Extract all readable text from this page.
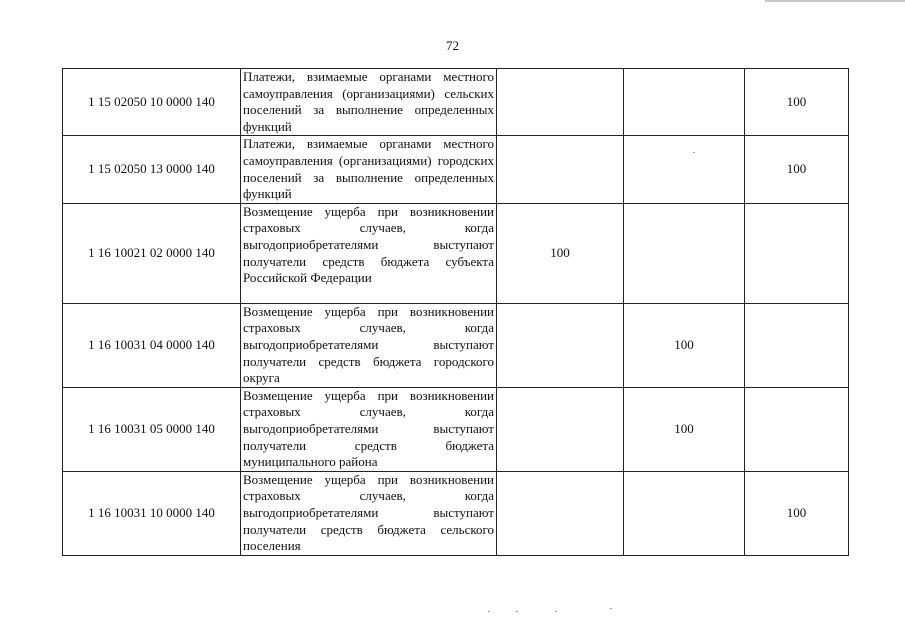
72
1 15 02050 10 0000 140	Платежи, взимаемые органами местного самоуправления (организациями) сельских поселений за выполнение определенных функций			100
1 15 02050 13 0000 140	Платежи, взимаемые органами местного самоуправления (организациями) городских поселений за выполнение определенных функций			100
1 16 10021 02 0000 140	Возмещение ущерба при возникновении страховых случаев, когда выгодоприобретателями выступают получатели средств бюджета субъекта Российской Федерации	100		
1 16 10031 04 0000 140	Возмещение ущерба при возникновении страховых случаев, когда выгодоприобретателями выступают получатели средств бюджета городского округа		100	
1 16 10031 05 0000 140	Возмещение ущерба при возникновении страховых случаев, когда выгодоприобретателями выступают получатели средств бюджета муниципального района		100	
1 16 10031 10 0000 140	Возмещение ущерба при возникновении страховых случаев, когда выгодоприобретателями выступают получатели средств бюджета сельского поселения			100
